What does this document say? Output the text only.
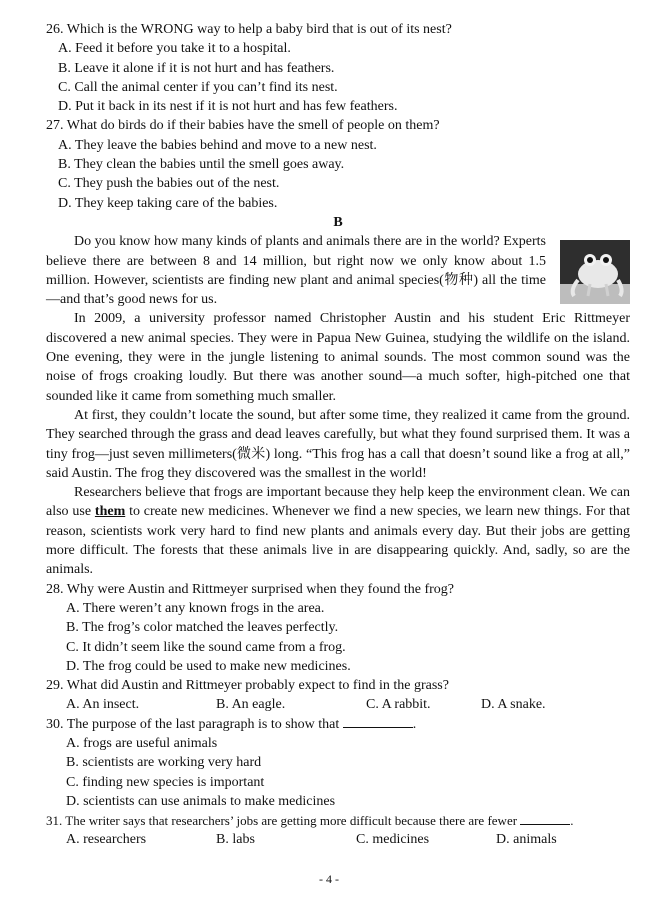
26. Which is the WRONG way to help a baby bird that is out of its nest?

A. Feed it before you take it to a hospital.

B. Leave it alone if it is not hurt and has feathers.

C. Call the animal center if you can’t find its nest.

D. Put it back in its nest if it is not hurt and has few feathers.

27. What do birds do if their babies have the smell of people on them?

A. They leave the babies behind and move to a new nest.

B. They clean the babies until the smell goes away.

C. They push the babies out of the nest.

D. They keep taking care of the babies.

B

Do you know how many kinds of plants and animals there are in the world? Experts believe there are between 8 and 14 million, but right now we only know about 1.5 million. However, scientists are finding new plant and animal species(物种) all the time—and that’s good news for us.

In 2009, a university professor named Christopher Austin and his student Eric Rittmeyer discovered a new animal species. They were in Papua New Guinea, studying the wildlife on the island. One evening, they were in the jungle listening to animal sounds. The most common sound was the noise of frogs croaking loudly. But there was another sound—a much softer, high-pitched one that sounded like it came from something much smaller.

At first, they couldn’t locate the sound, but after some time, they realized it came from the ground. They searched through the grass and dead leaves carefully, but what they found surprised them. It was a tiny frog—just seven millimeters(微米) long. “This frog has a call that doesn’t sound like a frog at all,” said Austin. The frog they discovered was the smallest in the world!

Researchers believe that frogs are important because they help keep the environment clean. We can also use them to create new medicines. Whenever we find a new species, we learn new things. For that reason, scientists work very hard to find new plants and animals every day. But their jobs are getting more difficult. The forests that these animals live in are disappearing quickly. And, sadly, so are the animals.

28. Why were Austin and Rittmeyer surprised when they found the frog?

A. There weren’t any known frogs in the area.

B. The frog’s color matched the leaves perfectly.

C. It didn’t seem like the sound came from a frog.

D. The frog could be used to make new medicines.

29. What did Austin and Rittmeyer probably expect to find in the grass?

A. An insect.	B. An eagle.	C. A rabbit.	D. A snake.

30. The purpose of the last paragraph is to show that	.

A. frogs are useful animals

B. scientists are working very hard

C. finding new species is important

D. scientists can use animals to make medicines

31. The writer says that researchers’ jobs are getting more difficult because there are fewer	.

A. researchers	B. labs	C. medicines	D. animals
- 4 -
